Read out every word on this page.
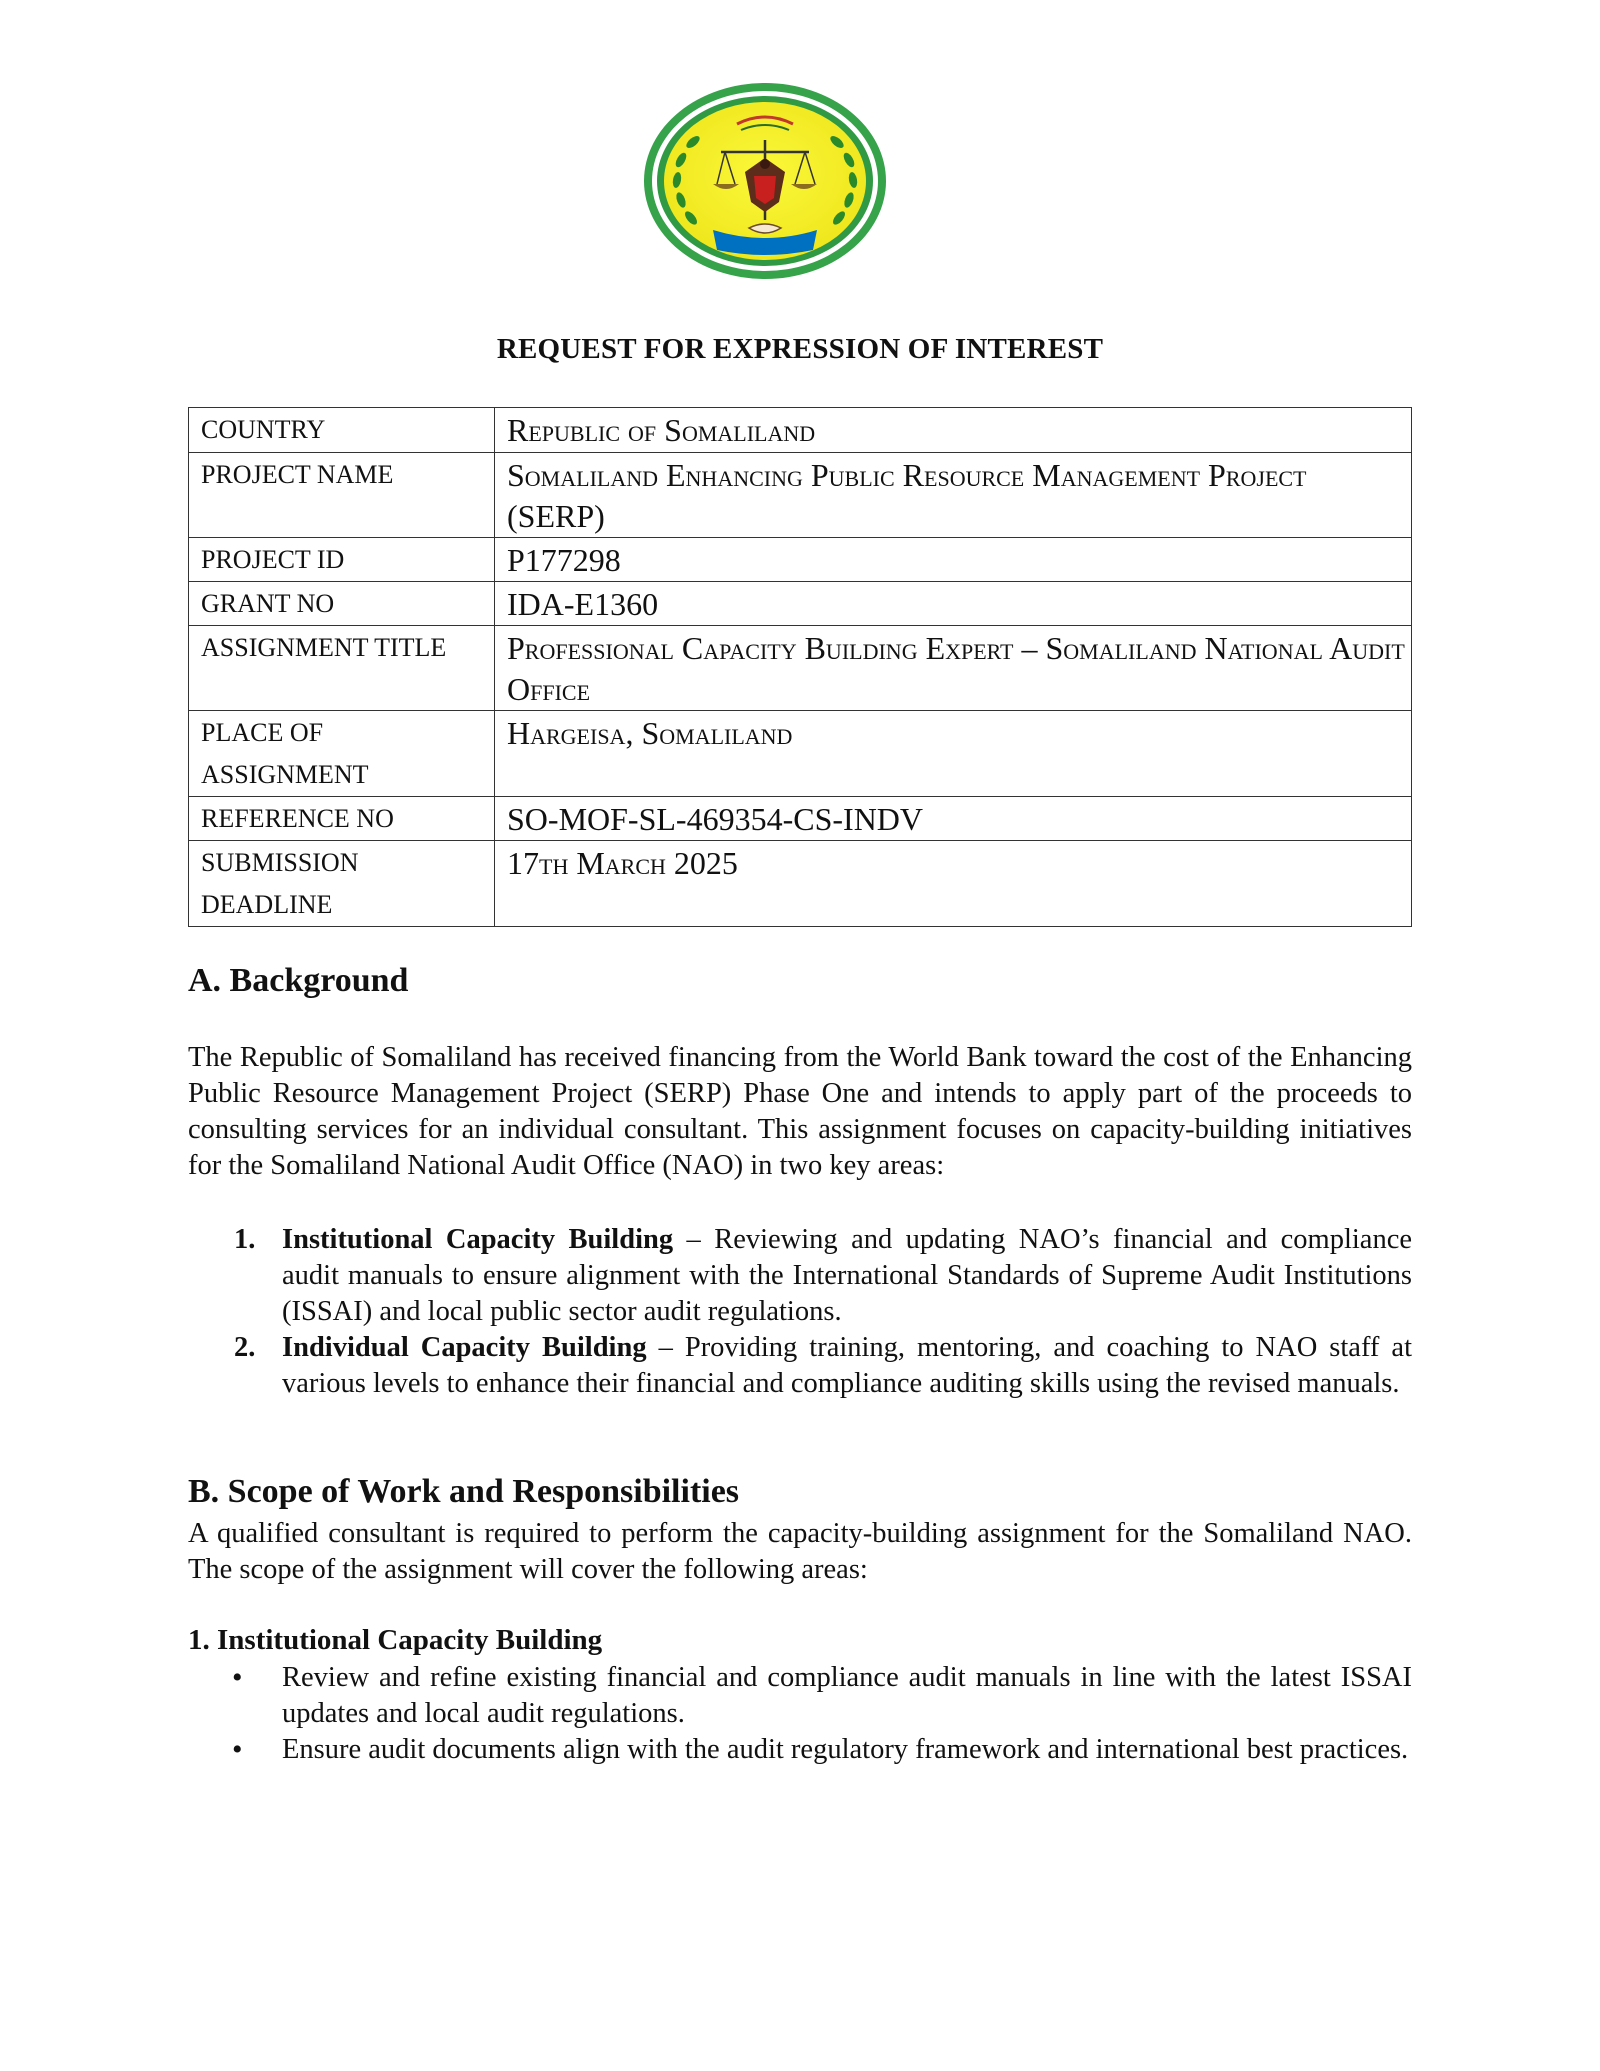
REQUEST FOR EXPRESSION OF INTEREST
COUNTRY	Republic of Somaliland
PROJECT NAME	Somaliland Enhancing Public Resource Management Project (SERP)
PROJECT ID	P177298
GRANT NO	IDA-E1360
ASSIGNMENT TITLE	Professional Capacity Building Expert – Somaliland National Audit Office
PLACE OF ASSIGNMENT	Hargeisa, Somaliland
REFERENCE NO	SO-MOF-SL-469354-CS-INDV
SUBMISSION DEADLINE	17th March 2025
A. Background
The Republic of Somaliland has received financing from the World Bank toward the cost of the Enhancing Public Resource Management Project (SERP) Phase One and intends to apply part of the proceeds to consulting services for an individual consultant. This assignment focuses on capacity-building initiatives for the Somaliland National Audit Office (NAO) in two key areas:
1. Institutional Capacity Building – Reviewing and updating NAO’s financial and compliance audit manuals to ensure alignment with the International Standards of Supreme Audit Institutions (ISSAI) and local public sector audit regulations.
2. Individual Capacity Building – Providing training, mentoring, and coaching to NAO staff at various levels to enhance their financial and compliance auditing skills using the revised manuals.
B. Scope of Work and Responsibilities
A qualified consultant is required to perform the capacity-building assignment for the Somaliland NAO. The scope of the assignment will cover the following areas:
1. Institutional Capacity Building
• Review and refine existing financial and compliance audit manuals in line with the latest ISSAI updates and local audit regulations.
• Ensure audit documents align with the audit regulatory framework and international best practices.
